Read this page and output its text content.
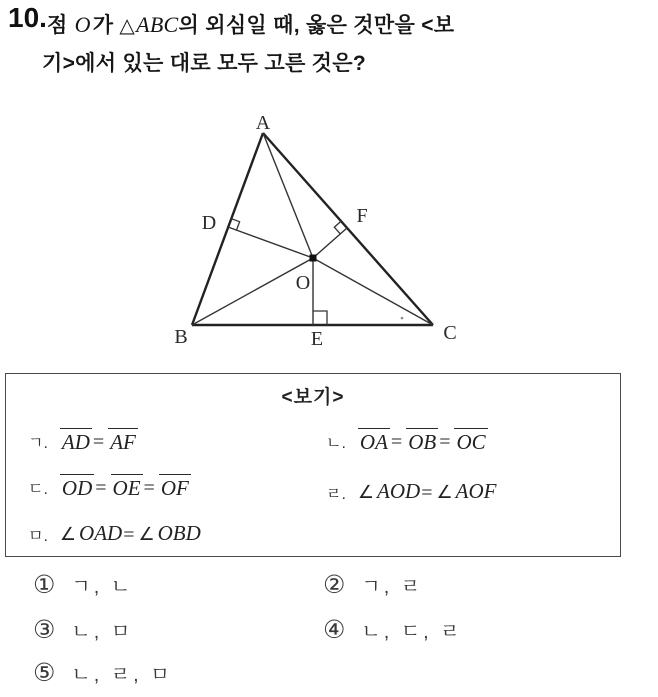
10. 점 O가 △ABC의 외심일 때, 옳은 것만을 <보
기>에서 있는 대로 모두 고른 것은?
A
B	C
D
E
F
O
<보기>
ㄱ. AD = AF	ㄴ. OA = OB = OC
ㄷ. OD = OE = OF	ㄹ. ∠ AOD = ∠ AOF
ㅁ. ∠ OAD = ∠ OBD
① ㄱ, ㄴ	② ㄱ, ㄹ
③ ㄴ, ㅁ	④ ㄴ, ㄷ, ㄹ
⑤ ㄴ, ㄹ, ㅁ
